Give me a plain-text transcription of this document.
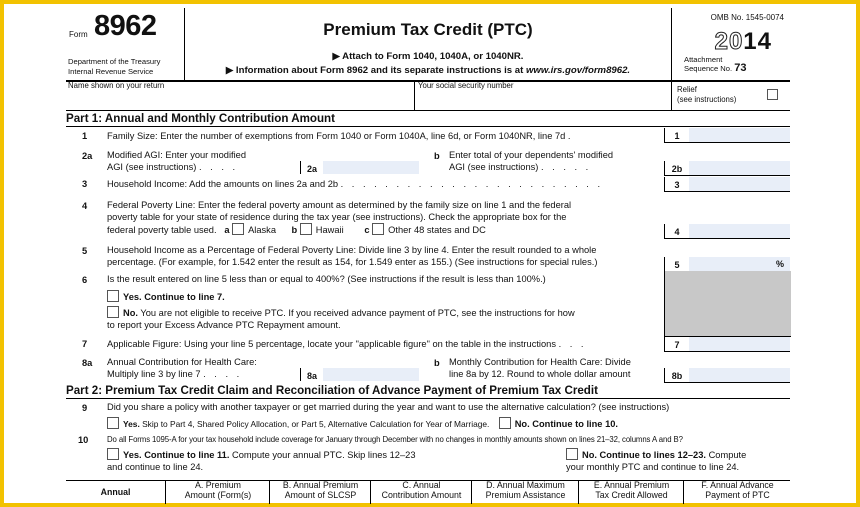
Form 8962
Department of the Treasury
Internal Revenue Service
Premium Tax Credit (PTC)
▶ Attach to Form 1040, 1040A, or 1040NR.
▶ Information about Form 8962 and its separate instructions is at www.irs.gov/form8962.
OMB No. 1545-0074
2014
Attachment
Sequence No. 73
Name shown on your return	Your social security number	Relief
(see instructions)
Part 1: Annual and Monthly Contribution Amount
1 Family Size: Enter the number of exemptions from Form 1040 or Form 1040A, line 6d, or Form 1040NR, line 7d .	1
2a Modified AGI: Enter your modified
AGI (see instructions) . . . .	2a
b Enter total of your dependents' modified
AGI (see instructions) . . . . .	2b
3 Household Income: Add the amounts on lines 2a and 2b . . . . . . . . . . . . . . . . . . . . . . . .	3
4 Federal Poverty Line: Enter the federal poverty amount as determined by the family size on line 1 and the federal
poverty table for your state of residence during the tax year (see instructions). Check the appropriate box for the
federal poverty table used. a Alaska b Hawaii c Other 48 states and DC	4
5 Household Income as a Percentage of Federal Poverty Line: Divide line 3 by line 4. Enter the result rounded to a whole
percentage. (For example, for 1.542 enter the result as 154, for 1.549 enter as 155.) (See instructions for special rules.)	5	%
6 Is the result entered on line 5 less than or equal to 400%? (See instructions if the result is less than 100%.)
Yes. Continue to line 7.
No. You are not eligible to receive PTC. If you received advance payment of PTC, see the instructions for how
to report your Excess Advance PTC Repayment amount.
7 Applicable Figure: Using your line 5 percentage, locate your "applicable figure" on the table in the instructions . . .	7
8a Annual Contribution for Health Care:
Multiply line 3 by line 7 . . . .	8a
b Monthly Contribution for Health Care: Divide
line 8a by 12. Round to whole dollar amount	8b
Part 2: Premium Tax Credit Claim and Reconciliation of Advance Payment of Premium Tax Credit
9 Did you share a policy with another taxpayer or get married during the year and want to use the alternative calculation? (see instructions)
Yes. Skip to Part 4, Shared Policy Allocation, or Part 5, Alternative Calculation for Year of Marriage.	No. Continue to line 10.
10 Do all Forms 1095-A for your tax household include coverage for January through December with no changes in monthly amounts shown on lines 21–32, columns A and B?
Yes. Continue to line 11. Compute your annual PTC. Skip lines 12–23
and continue to line 24.
No. Continue to lines 12–23. Compute
your monthly PTC and continue to line 24.
Annual
A. Premium
Amount (Form(s)
B. Annual Premium
Amount of SLCSP
C. Annual
Contribution Amount
D. Annual Maximum
Premium Assistance
E. Annual Premium
Tax Credit Allowed
F. Annual Advance
Payment of PTC
